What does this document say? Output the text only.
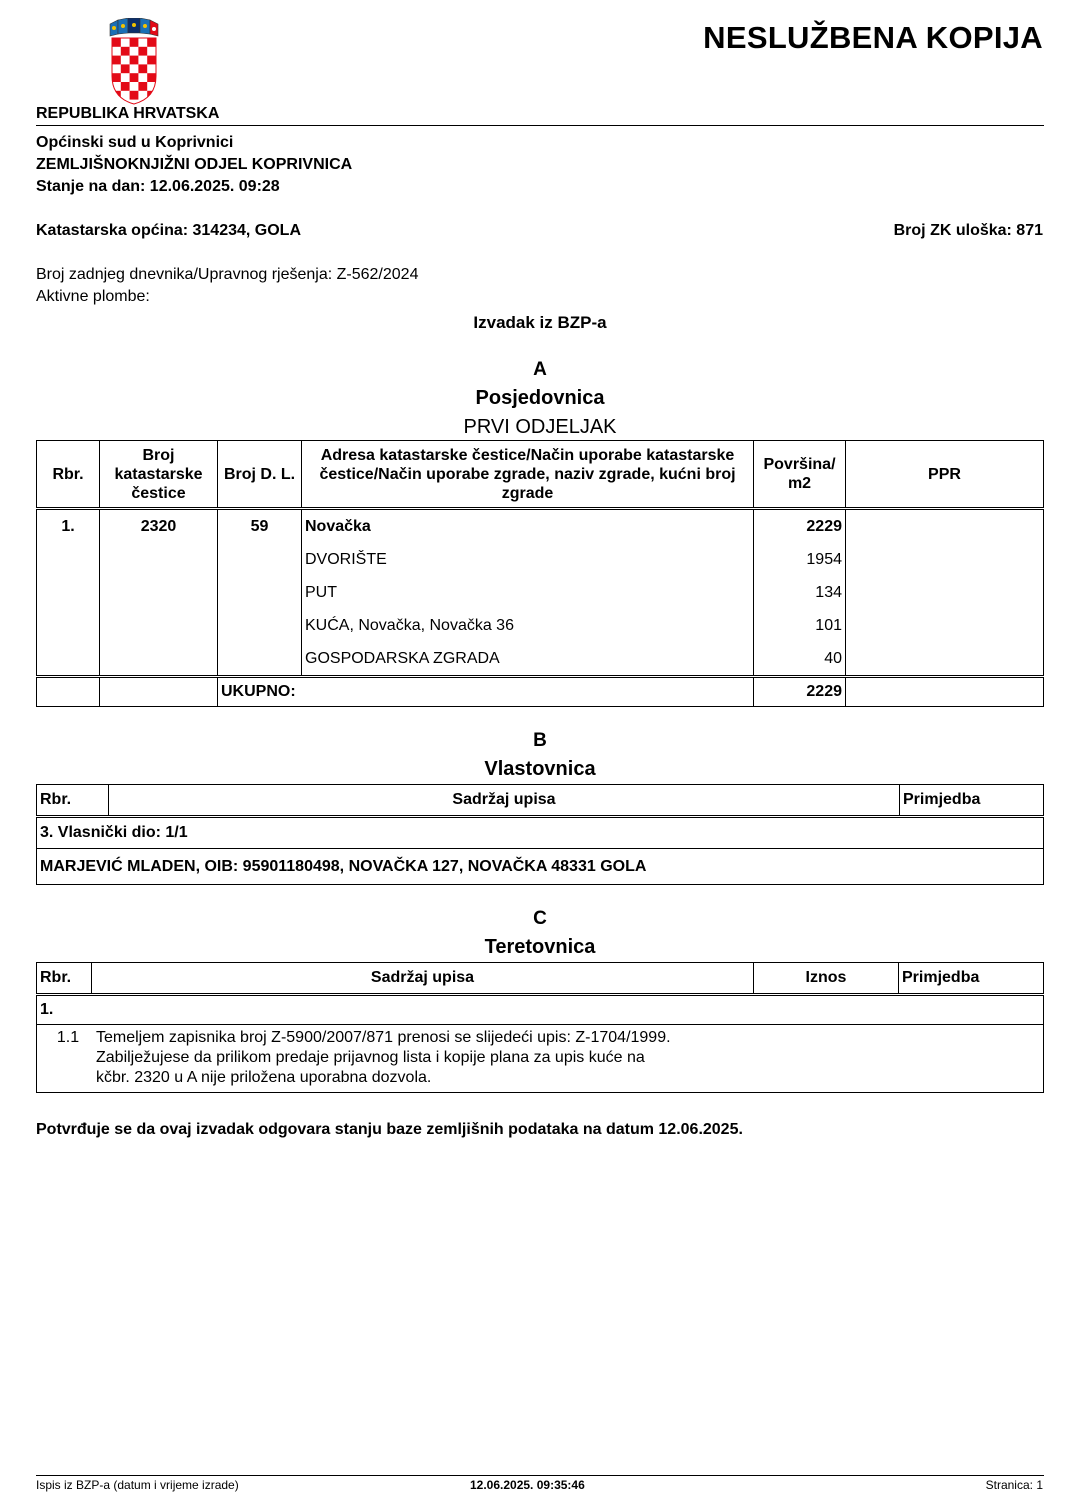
NESLUŽBENA KOPIJA
REPUBLIKA HRVATSKA
Općinski sud u Koprivnici
ZEMLJIŠNOKNJIŽNI ODJEL KOPRIVNICA
Stanje na dan: 12.06.2025. 09:28
Katastarska općina: 314234, GOLA	Broj ZK uloška: 871
Broj zadnjeg dnevnika/Upravnog rješenja: Z-562/2024
Aktivne plombe:
Izvadak iz BZP-a
A
Posjedovnica
PRVI ODJELJAK
Rbr.	Broj katastarske čestice	Broj D. L.	Adresa katastarske čestice/Način uporabe katastarske čestice/Način uporabe zgrade, naziv zgrade, kućni broj zgrade	Površina/ m2	PPR
1.	2320	59	Novačka	2229	
			DVORIŠTE	1954	
			PUT	134	
			KUĆA, Novačka, Novačka 36	101	
			GOSPODARSKA ZGRADA	40	
		UKUPNO:		2229	
B
Vlastovnica
Rbr.	Sadržaj upisa	Primjedba
3. Vlasnički dio: 1/1
MARJEVIĆ MLADEN, OIB: 95901180498, NOVAČKA 127, NOVAČKA 48331 GOLA
C
Teretovnica
Rbr.	Sadržaj upisa	Iznos	Primjedba
1.

1.1	Temeljem zapisnika broj Z-5900/2007/871 prenosi se slijedeći upis: Z-1704/1999.
Zabilježujese da prilikom predaje prijavnog lista i kopije plana za upis kuće na
kčbr. 2320 u A nije priložena uporabna dozvola.
Potvrđuje se da ovaj izvadak odgovara stanju baze zemljišnih podataka na datum 12.06.2025.
Ispis iz BZP-a (datum i vrijeme izrade)	12.06.2025. 09:35:46	Stranica: 1
